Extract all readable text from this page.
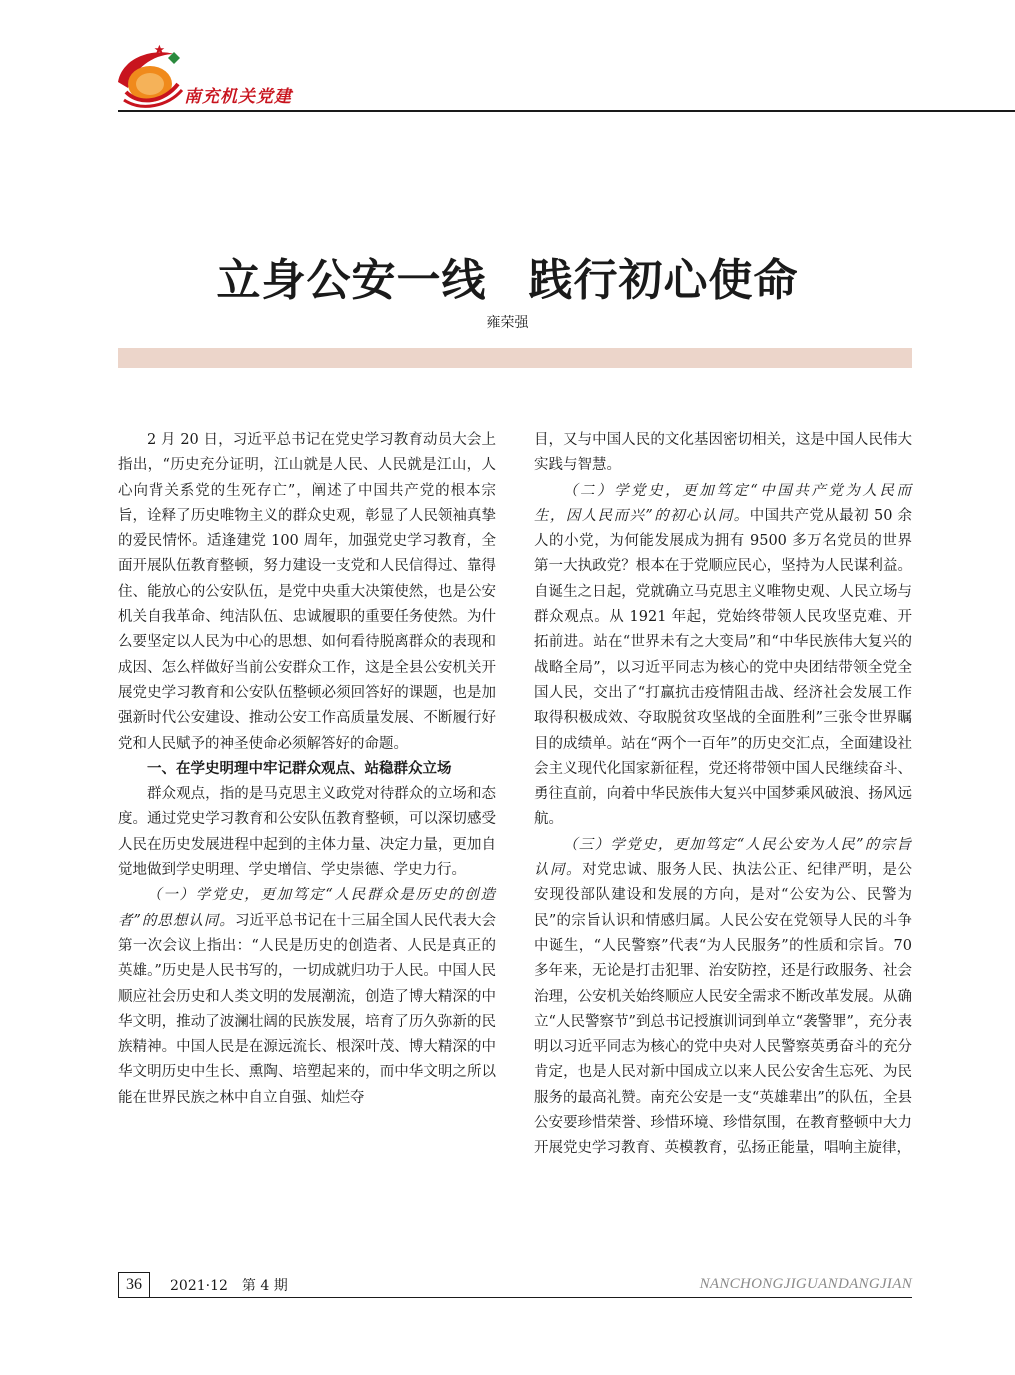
南充机关党建
立身公安一线 践行初心使命
雍荣强

2 月 20 日，习近平总书记在党史学习教育动员大会上指出，“历史充分证明，江山就是人民、人民就是江山，人心向背关系党的生死存亡”，阐述了中国共产党的根本宗旨，诠释了历史唯物主义的群众史观，彰显了人民领袖真挚的爱民情怀。适逢建党 100 周年，加强党史学习教育，全面开展队伍教育整顿，努力建设一支党和人民信得过、靠得住、能放心的公安队伍，是党中央重大决策使然，也是公安机关自我革命、纯洁队伍、忠诚履职的重要任务使然。为什么要坚定以人民为中心的思想、如何看待脱离群众的表现和成因、怎么样做好当前公安群众工作，这是全县公安机关开展党史学习教育和公安队伍整顿必须回答好的课题，也是加强新时代公安建设、推动公安工作高质量发展、不断履行好党和人民赋予的神圣使命必须解答好的命题。

一、在学史明理中牢记群众观点、站稳群众立场

群众观点，指的是马克思主义政党对待群众的立场和态度。通过党史学习教育和公安队伍教育整顿，可以深切感受人民在历史发展进程中起到的主体力量、决定力量，更加自觉地做到学史明理、学史增信、学史崇德、学史力行。

（一）学党史，更加笃定“人民群众是历史的创造者”的思想认同。习近平总书记在十三届全国人民代表大会第一次会议上指出：“人民是历史的创造者、人民是真正的英雄。”历史是人民书写的，一切成就归功于人民。中国人民顺应社会历史和人类文明的发展潮流，创造了博大精深的中华文明，推动了波澜壮阔的民族发展，培育了历久弥新的民族精神。中国人民是在源远流长、根深叶茂、博大精深的中华文明历史中生长、熏陶、培塑起来的，而中华文明之所以能在世界民族之林中自立自强、灿烂夺

目，又与中国人民的文化基因密切相关，这是中国人民伟大实践与智慧。

（二）学党史，更加笃定“中国共产党为人民而生，因人民而兴”的初心认同。中国共产党从最初 50 余人的小党，为何能发展成为拥有 9500 多万名党员的世界第一大执政党？根本在于党顺应民心，坚持为人民谋利益。自诞生之日起，党就确立马克思主义唯物史观、人民立场与群众观点。从 1921 年起，党始终带领人民攻坚克难、开拓前进。站在“世界未有之大变局”和“中华民族伟大复兴的战略全局”，以习近平同志为核心的党中央团结带领全党全国人民，交出了“打赢抗击疫情阻击战、经济社会发展工作取得积极成效、夺取脱贫攻坚战的全面胜利”三张令世界瞩目的成绩单。站在“两个一百年”的历史交汇点，全面建设社会主义现代化国家新征程，党还将带领中国人民继续奋斗、勇往直前，向着中华民族伟大复兴中国梦乘风破浪、扬风远航。

（三）学党史，更加笃定“人民公安为人民”的宗旨认同。对党忠诚、服务人民、执法公正、纪律严明，是公安现役部队建设和发展的方向，是对“公安为公、民警为民”的宗旨认识和情感归属。人民公安在党领导人民的斗争中诞生，“人民警察”代表“为人民服务”的性质和宗旨。70 多年来，无论是打击犯罪、治安防控，还是行政服务、社会治理，公安机关始终顺应人民安全需求不断改革发展。从确立“人民警察节”到总书记授旗训词到单立“袭警罪”，充分表明以习近平同志为核心的党中央对人民警察英勇奋斗的充分肯定，也是人民对新中国成立以来人民公安舍生忘死、为民服务的最高礼赞。南充公安是一支“英雄辈出”的队伍，全县公安要珍惜荣誉、珍惜环境、珍惜氛围，在教育整顿中大力开展党史学习教育、英模教育，弘扬正能量，唱响主旋律，

36	2021·12　第 4 期	NANCHONGJIGUANDANGJIAN
